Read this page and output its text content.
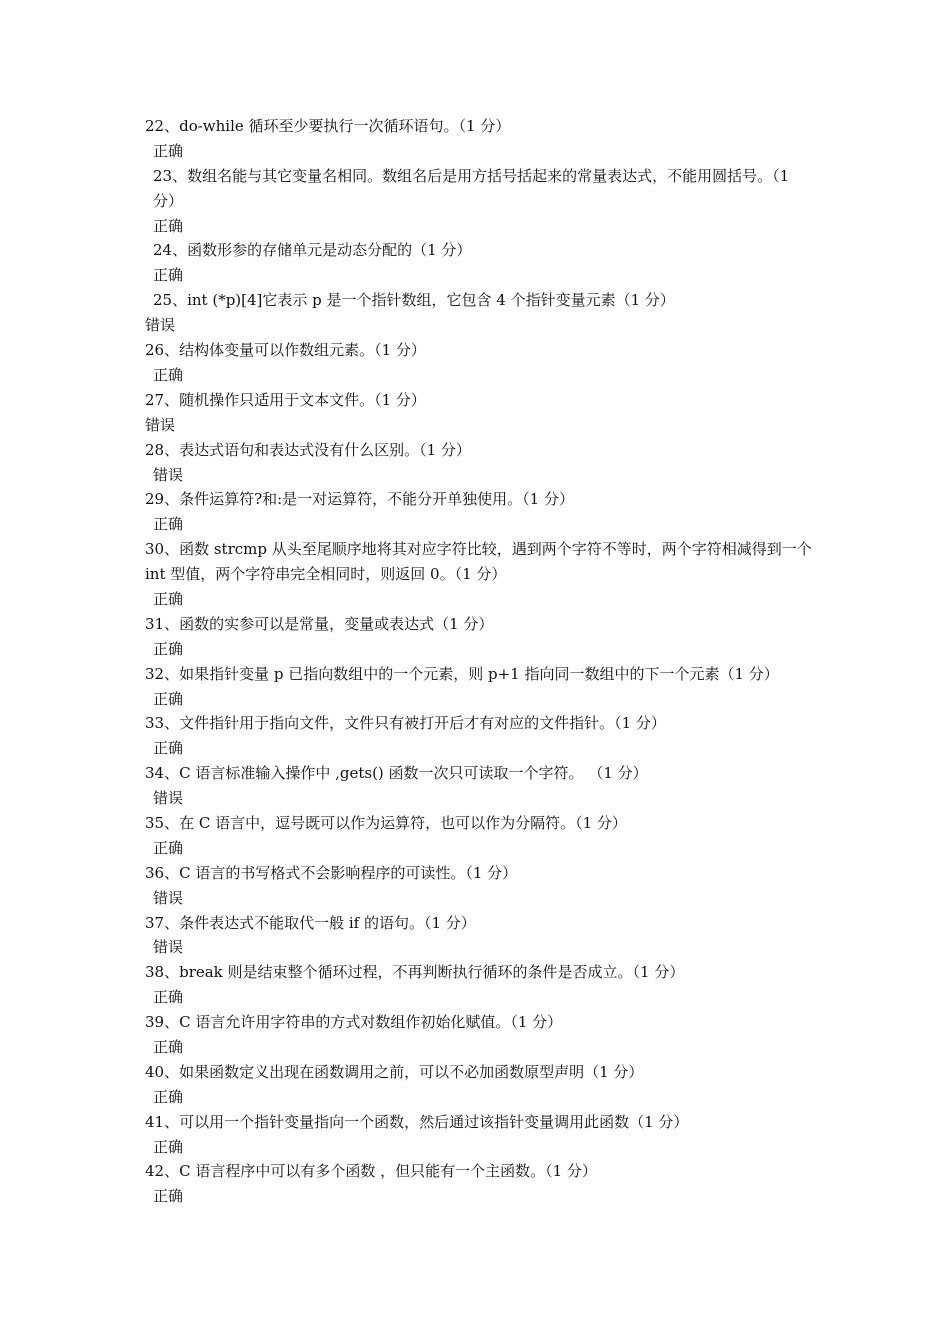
22、do-while 循环至少要执行一次循环语句。（1 分）
正确
23、数组名能与其它变量名相同。数组名后是用方括号括起来的常量表达式，不能用圆括号。（1 分）
正确
24、函数形参的存储单元是动态分配的（1 分）
正确
25、int (*p)[4]它表示 p 是一个指针数组，它包含 4 个指针变量元素（1 分）
错误
26、结构体变量可以作数组元素。（1 分）
正确
27、随机操作只适用于文本文件。（1 分）
错误
28、表达式语句和表达式没有什么区别。（1 分）
错误
29、条件运算符?和:是一对运算符，不能分开单独使用。（1 分）
正确
30、函数 strcmp 从头至尾顺序地将其对应字符比较，遇到两个字符不等时，两个字符相减得到一个 int 型值，两个字符串完全相同时，则返回 0。（1 分）
正确
31、函数的实参可以是常量，变量或表达式（1 分）
正确
32、如果指针变量 p 已指向数组中的一个元素，则 p+1 指向同一数组中的下一个元素（1 分）
正确
33、文件指针用于指向文件，文件只有被打开后才有对应的文件指针。（1 分）
正确
34、C 语言标准输入操作中 ,gets() 函数一次只可读取一个字符。 （1 分）
错误
35、在 C 语言中，逗号既可以作为运算符，也可以作为分隔符。（1 分）
正确
36、C 语言的书写格式不会影响程序的可读性。（1 分）
错误
37、条件表达式不能取代一般 if 的语句。（1 分）
错误
38、break 则是结束整个循环过程，不再判断执行循环的条件是否成立。（1 分）
正确
39、C 语言允许用字符串的方式对数组作初始化赋值。（1 分）
正确
40、如果函数定义出现在函数调用之前，可以不必加函数原型声明（1 分）
正确
41、可以用一个指针变量指向一个函数，然后通过该指针变量调用此函数（1 分）
正确
42、C 语言程序中可以有多个函数 ，但只能有一个主函数。（1 分）
正确
